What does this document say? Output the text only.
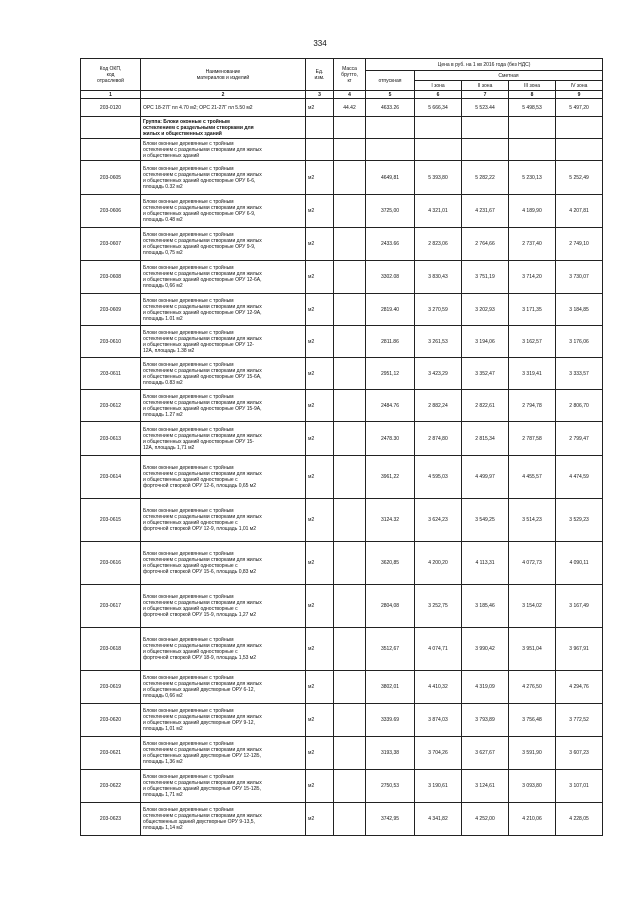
334
Код ОКП,
код
отраслевой	Наименование
материалов и изделий	Ед.
изм.	Масса
брутто,
кг	Цена в руб. на 1 кв 2016 года (без НДС)				
				отпускная	Сметная			
					I зона	II зона	III зона	IV зона
1	2	3	4	5	6	7	8	9
203-0120	ОРС 18-27Г пл 4.70 м2; ОРС 21-27Г пл 5.50 м2	м2	44.42	4633.26	5 666,34	5 523.44	5 498,53	5 497,20

	Группа: Блоки оконные с тройным
остеклением с раздельными створками для
жилых и общественных зданий							

	Блоки оконные деревянные с тройным
остеклением с раздельными створками для жилых
и общественных зданий							

203-0605	Блоки оконные деревянные с тройным
остеклением с раздельными створками для жилых
и общественных зданий одностворные ОРУ 6-6,
площадь 0.32 м2	м2		4649,81	5 393,80	5 282,22	5 230,13	5 252,49
203-0606	Блоки оконные деревянные с тройным
остеклением с раздельными створками для жилых
и общественных зданий одностворные ОРУ 6-9,
площадь 0.48 м2	м2		3725,00	4 321,01	4 231,67	4 189,90	4 207,81
203-0607	Блоки оконные деревянные с тройным
остеклением с раздельными створками для жилых
и общественных зданий одностворные ОРУ 9-9,
площадь 0,75 м2	м2		2433.66	2 823,06	2 764,66	2 737,40	2 749,10
203-0608	Блоки оконные деревянные с тройным
остеклением с раздельными створками для жилых
и общественных зданий одностворные ОРУ 12-6А,
площадь 0,66 м2	м2		3302.08	3 830,43	3 751,19	3 714,20	3 730,07
203-0609	Блоки оконные деревянные с тройным
остеклением с раздельными створками для жилых
и общественных зданий одностворные ОРУ 12-9А,
площадь 1.01 м2	м2		2819.40	3 270,59	3 202,93	3 171,35	3 184,85
203-0610	Блоки оконные деревянные с тройным
остеклением с раздельными створками для жилых
и общественных зданий одностворные ОРУ 12-
12А, площадь 1.38 м2	м2		2811.86	3 261,53	3 194,06	3 162,57	3 176,06
203-0611	Блоки оконные деревянные с тройным
остеклением с раздельными створками для жилых
и общественных зданий одностворные ОРУ 15-6А,
площадь 0.83 м2	м2		2951,12	3 423,29	3 352,47	3 319,41	3 333,57
203-0612	Блоки оконные деревянные с тройным
остеклением с раздельными створками для жилых
и общественных зданий одностворные ОРУ 15-9А,
площадь 1.27 м2	м2		2484.76	2 882,24	2 822,61	2 794,78	2 806,70
203-0613	Блоки оконные деревянные с тройным
остеклением с раздельными створками для жилых
и общественных зданий одностворные ОРУ 15-
12А, площадь 1,71 м2	м2		2478.30	2 874,80	2 815,34	2 787,58	2 799,47
203-0614	Блоки оконные деревянные с тройным
остеклением с раздельными створками для жилых
и общественных зданий одностворные с
форточной створкой ОРУ 12-6, площадь 0,65 м2	м2		3961,22	4 595,03	4 499,97	4 455,57	4 474,59
203-0615	Блоки оконные деревянные с тройным
остеклением с раздельными створками для жилых
и общественных зданий одностворные с
форточной створкой ОРУ 12-9, площадь 1,01 м2	м2		3124.32	3 624,23	3 549,25	3 514,23	3 529,23
203-0616	Блоки оконные деревянные с тройным
остеклением с раздельными створками для жилых
и общественных зданий одностворные с
форточной створкой ОРУ 15-6, площадь 0,83 м2	м2		3620,85	4 200,20	4 113,31	4 072,73	4 090,11
203-0617	Блоки оконные деревянные с тройным
остеклением с раздельными створками для жилых
и общественных зданий одностворные с
форточной створкой ОРУ 15-9, площадь 1,27 м2	м2		2804,08	3 252,75	3 185,46	3 154,02	3 167,49
203-0618	Блоки оконные деревянные с тройным
остеклением с раздельными створками для жилых
и общественных зданий одностворные с
форточной створкой ОРУ 18-9, площадь 1,53 м2	м2		3512,67	4 074,71	3 990,42	3 951,04	3 967,91
203-0619	Блоки оконные деревянные с тройным
остеклением с раздельными створками для жилых
и общественных зданий двустворные ОРУ 6-12,
площадь 0,66 м2	м2		3802,01	4 410,32	4 319,09	4 276,50	4 294,76
203-0620	Блоки оконные деревянные с тройным
остеклением с раздельными створками для жилых
и общественных зданий двустворные ОРУ 9-12,
площадь 1,01 м2	м2		3339.69	3 874,03	3 793,89	3 756,48	3 772,52
203-0621	Блоки оконные деревянные с тройным
остеклением с раздельными створками для жилых
и общественных зданий двустворные ОРУ 12-12Б,
площадь 1,36 м2	м2		3193,38	3 704,26	3 627,67	3 591,90	3 607,23
203-0622	Блоки оконные деревянные с тройным
остеклением с раздельными створками для жилых
и общественных зданий двустворные ОРУ 15-12Б,
площадь 1,71 м2	м2		2750,53	3 190,61	3 124,61	3 093,80	3 107,01
203-0623	Блоки оконные деревянные с тройным
остеклением с раздельными створками для жилых
общественных зданий двустворные ОРУ 9-13,5,
площадь 1,14 м2	м2		3742,95	4 341,82	4 252,00	4 210,06	4 228,05
